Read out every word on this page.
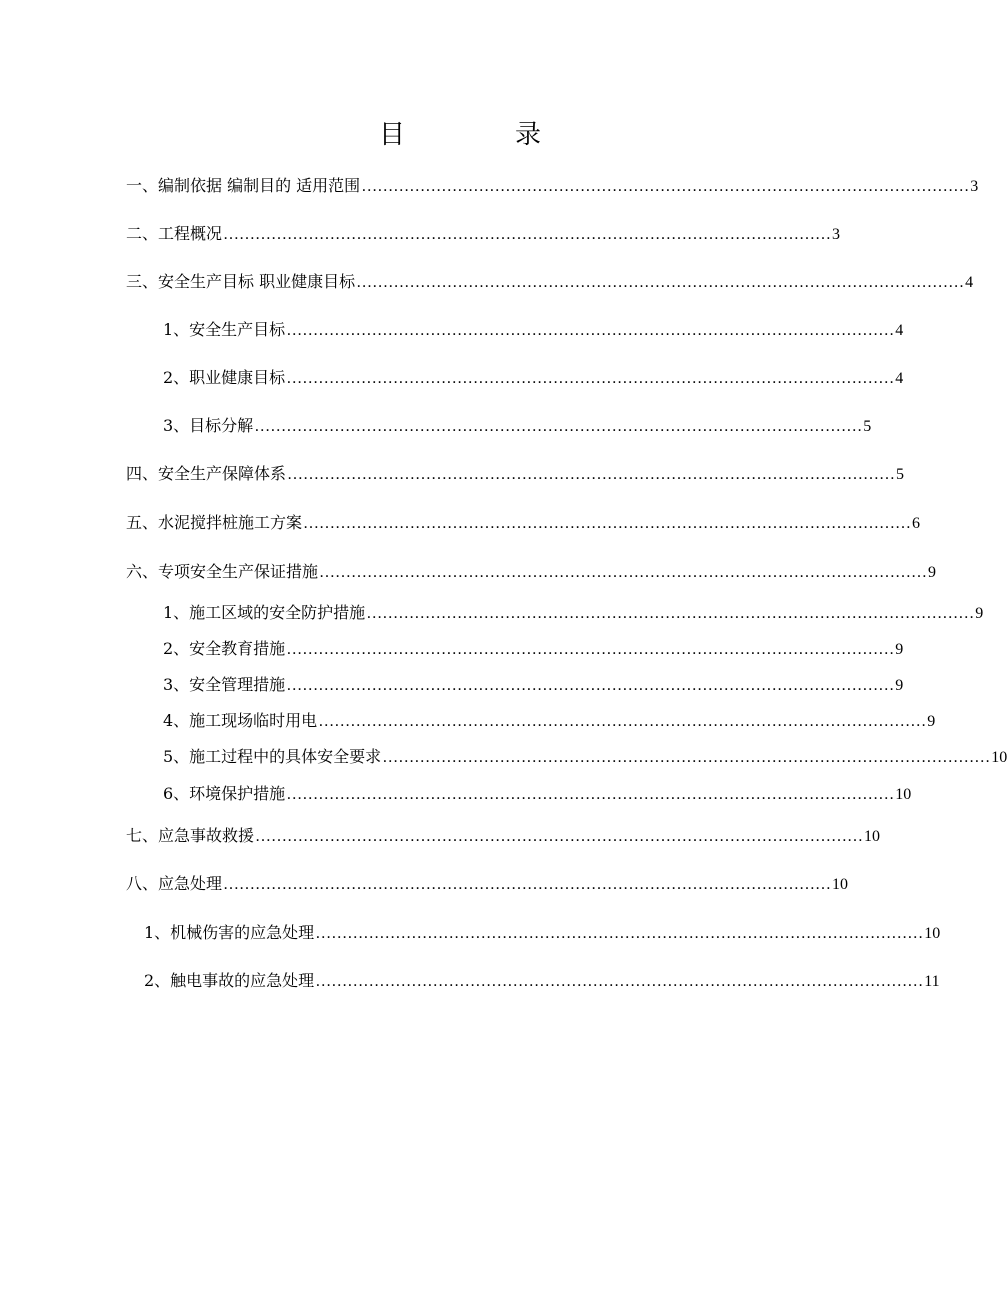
目　录
一、编制依据 编制目的 适用范围 …………………………………………………………………………………………………… 3
二、工程概况 …………………………………………………………………………………………………… 3
三、安全生产目标 职业健康目标 …………………………………………………………………………………………………… 4
1、安全生产目标 …………………………………………………………………………………………………… 4
2、职业健康目标 …………………………………………………………………………………………………… 4
3、目标分解 …………………………………………………………………………………………………… 5
四、安全生产保障体系 …………………………………………………………………………………………………… 5
五、水泥搅拌桩施工方案 …………………………………………………………………………………………………… 6
六、专项安全生产保证措施 …………………………………………………………………………………………………… 9
1、施工区域的安全防护措施 …………………………………………………………………………………………………… 9
2、安全教育措施 …………………………………………………………………………………………………… 9
3、安全管理措施 …………………………………………………………………………………………………… 9
4、施工现场临时用电 …………………………………………………………………………………………………… 9
5、施工过程中的具体安全要求 …………………………………………………………………………………………………… 10
6、环境保护措施 …………………………………………………………………………………………………… 10
七、应急事故救援 …………………………………………………………………………………………………… 10
八、应急处理 …………………………………………………………………………………………………… 10
1、机械伤害的应急处理 …………………………………………………………………………………………………… 10
2、触电事故的应急处理 …………………………………………………………………………………………………… 11
